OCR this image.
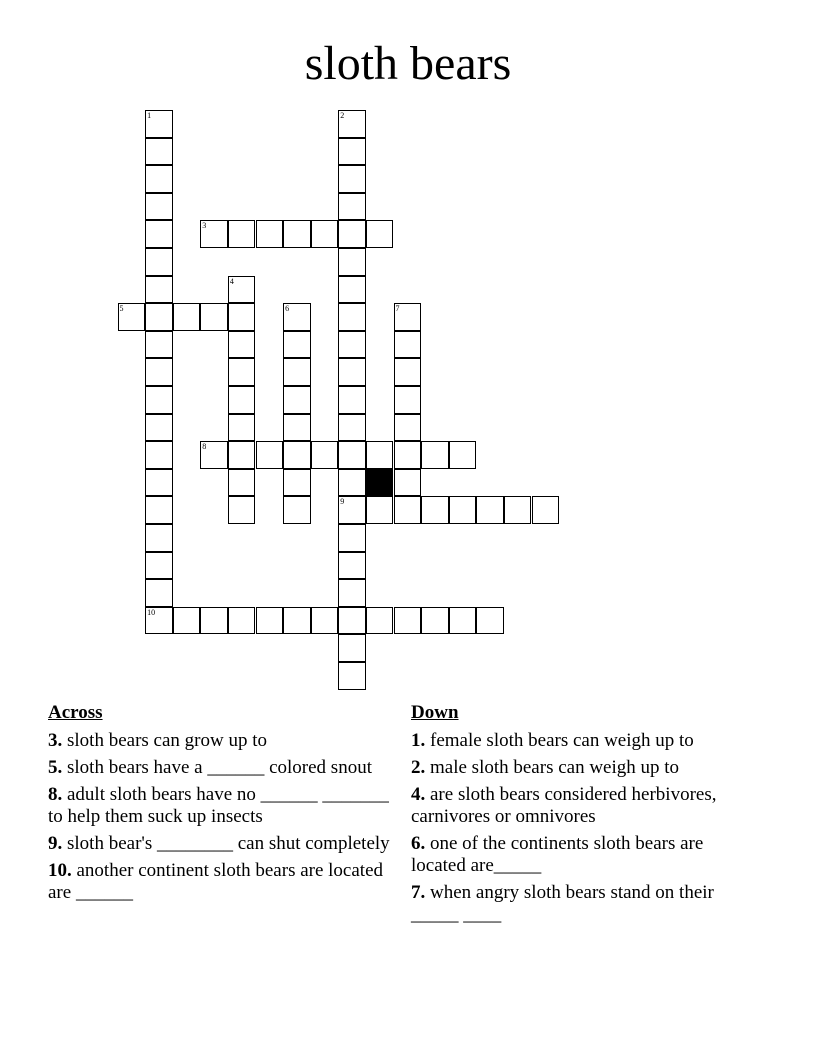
sloth bears
1
10
2
9
3
4
5	6	7
8
Across
3. sloth bears can grow up to
5. sloth bears have a ______ colored snout
8. adult sloth bears have no ______ _______ to help them suck up insects
9. sloth bear's ________ can shut completely
10. another continent sloth bears are located are ______
Down
1. female sloth bears can weigh up to
2. male sloth bears can weigh up to
4. are sloth bears considered herbivores, carnivores or omnivores
6. one of the continents sloth bears are located are_____
7. when angry sloth bears stand on their _____ ____
